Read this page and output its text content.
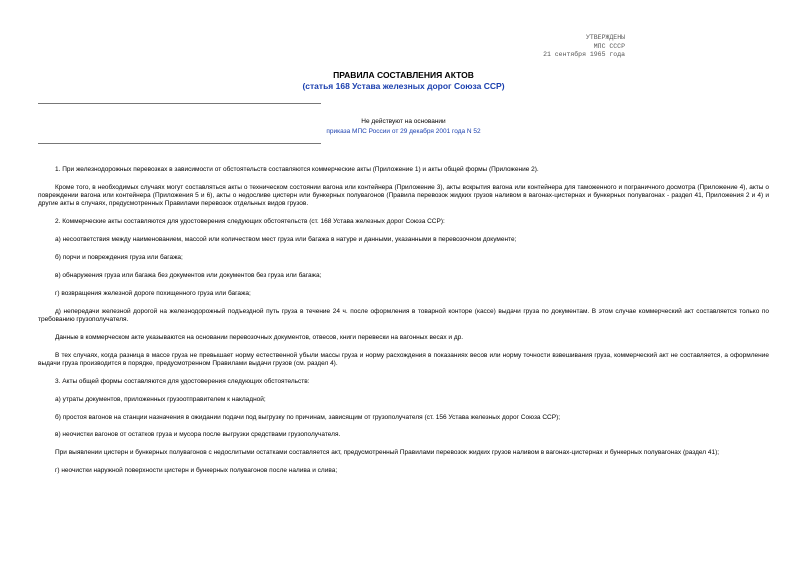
УТВЕРЖДЕНЫ
МПС СССР
21 сентября 1965 года
ПРАВИЛА СОСТАВЛЕНИЯ АКТОВ
(статья 168 Устава железных дорог Союза ССР)
Не действуют на основании
приказа МПС России от 29 декабря 2001 года N 52

1. При железнодорожных перевозках в зависимости от обстоятельств составляются коммерческие акты (Приложение 1) и акты общей формы (Приложение 2).

Кроме того, в необходимых случаях могут составляться акты о техническом состоянии вагона или контейнера (Приложение 3), акты вскрытия вагона или контейнера для таможенного и пограничного досмотра (Приложение 4), акты о повреждении вагона или контейнера (Приложения 5 и 6), акты о недосливе цистерн или бункерных полувагонов (Правила перевозок жидких грузов наливом в вагонах-цистернах и бункерных полувагонах - раздел 41, Приложения 2 и 4) и другие акты в случаях, предусмотренных Правилами перевозок отдельных видов грузов.

2. Коммерческие акты составляются для удостоверения следующих обстоятельств (ст. 168 Устава железных дорог Союза ССР):

а) несоответствия между наименованием, массой или количеством мест груза или багажа в натуре и данными, указанными в перевозочном документе;

б) порчи и повреждения груза или багажа;

в) обнаружения груза или багажа без документов или документов без груза или багажа;

г) возвращения железной дороге похищенного груза или багажа;

д) непередачи железной дорогой на железнодорожный подъездной путь груза в течение 24 ч. после оформления в товарной конторе (кассе) выдачи груза по документам. В этом случае коммерческий акт составляется только по требованию грузополучателя.

Данные в коммерческом акте указываются на основании перевозочных документов, отвесов, книги перевески на вагонных весах и др.

В тех случаях, когда разница в массе груза не превышает норму естественной убыли массы груза и норму расхождения в показаниях весов или норму точности взвешивания груза, коммерческий акт не составляется, а оформление выдачи груза производится в порядке, предусмотренном Правилами выдачи грузов (см. раздел 4).

3. Акты общей формы составляются для удостоверения следующих обстоятельств:

а) утраты документов, приложенных грузоотправителем к накладной;

б) простоя вагонов на станции назначения в ожидании подачи под выгрузку по причинам, зависящим от грузополучателя (ст. 156 Устава железных дорог Союза ССР);

в) неочистки вагонов от остатков груза и мусора после выгрузки средствами грузополучателя.

При выявлении цистерн и бункерных полувагонов с недослитыми остатками составляется акт, предусмотренный Правилами перевозок жидких грузов наливом в вагонах-цистернах и бункерных полувагонах (раздел 41);

г) неочистки наружной поверхности цистерн и бункерных полувагонов после налива и слива;
